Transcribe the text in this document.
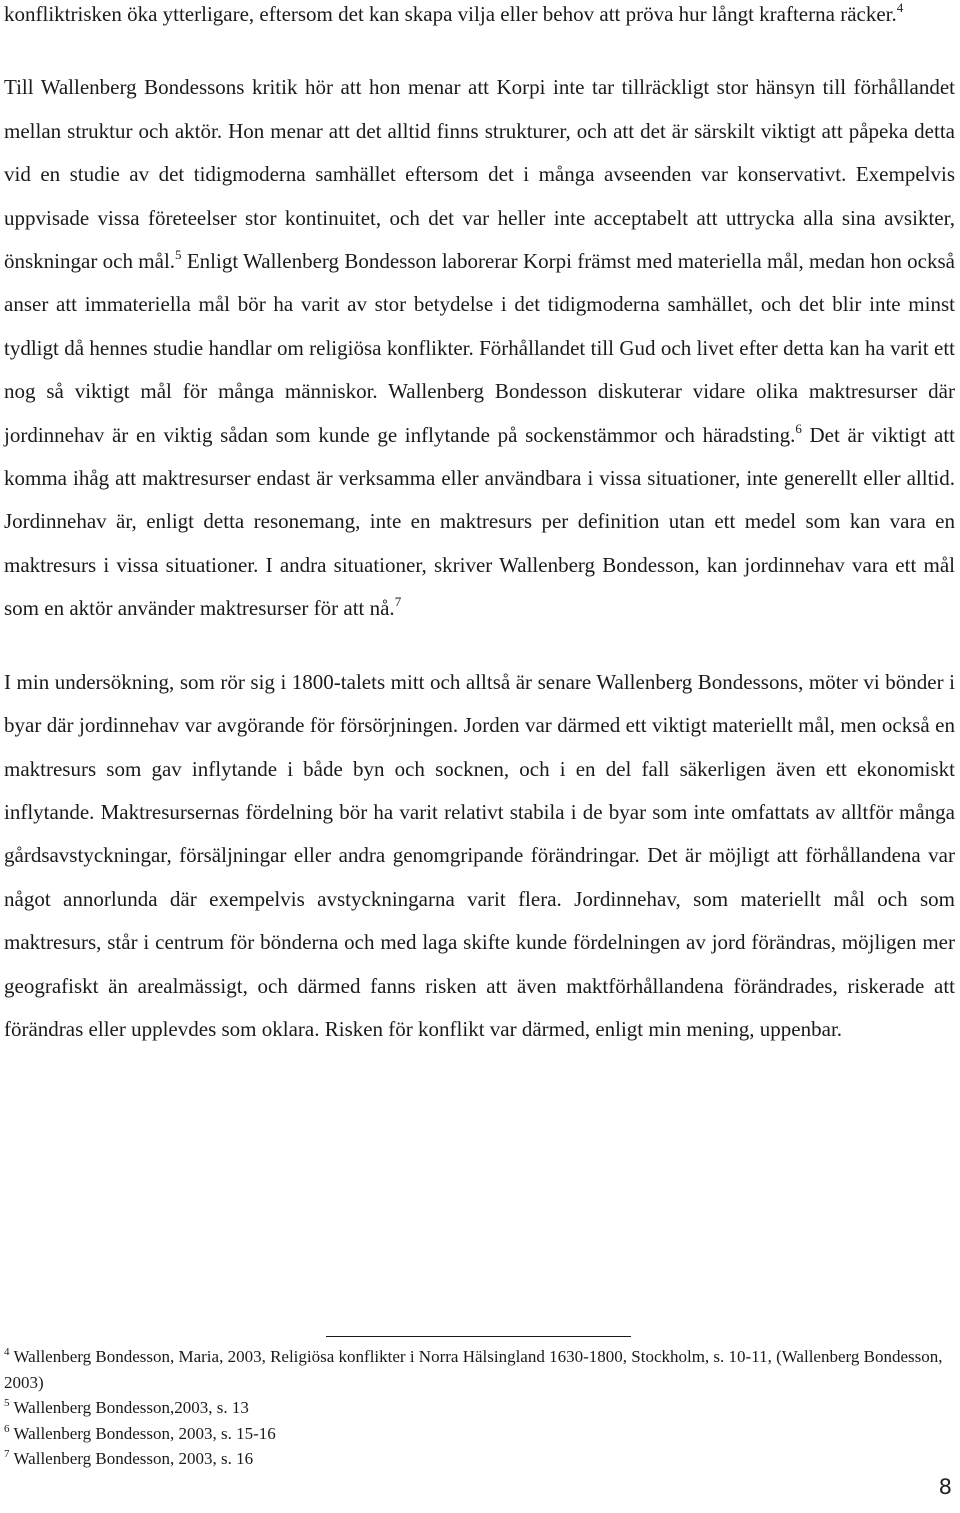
konfliktrisken öka ytterligare, eftersom det kan skapa vilja eller behov att pröva hur långt krafterna räcker.$^4$

Till Wallenberg Bondessons kritik hör att hon menar att Korpi inte tar tillräckligt stor hänsyn till förhållandet mellan struktur och aktör. Hon menar att det alltid finns strukturer, och att det är särskilt viktigt att påpeka detta vid en studie av det tidigmoderna samhället eftersom det i många avseenden var konservativt. Exempelvis uppvisade vissa företeelser stor kontinuitet, och det var heller inte acceptabelt att uttrycka alla sina avsikter, önskningar och mål.$^5$ Enligt Wallenberg Bondesson laborerar Korpi främst med materiella mål, medan hon också anser att immateriella mål bör ha varit av stor betydelse i det tidigmoderna samhället, och det blir inte minst tydligt då hennes studie handlar om religiösa konflikter. Förhållandet till Gud och livet efter detta kan ha varit ett nog så viktigt mål för många människor. Wallenberg Bondesson diskuterar vidare olika maktresurser där jordinnehav är en viktig sådan som kunde ge inflytande på sockenstämmor och häradsting.$^6$ Det är viktigt att komma ihåg att maktresurser endast är verksamma eller användbara i vissa situationer, inte generellt eller alltid. Jordinnehav är, enligt detta resonemang, inte en maktresurs per definition utan ett medel som kan vara en maktresurs i vissa situationer. I andra situationer, skriver Wallenberg Bondesson, kan jordinnehav vara ett mål som en aktör använder maktresurser för att nå.$^7$

I min undersökning, som rör sig i 1800-talets mitt och alltså är senare Wallenberg Bondessons, möter vi bönder i byar där jordinnehav var avgörande för försörjningen. Jorden var därmed ett viktigt materiellt mål, men också en maktresurs som gav inflytande i både byn och socknen, och i en del fall säkerligen även ett ekonomiskt inflytande. Maktresursernas fördelning bör ha varit relativt stabila i de byar som inte omfattats av alltför många gårdsavstyckningar, försäljningar eller andra genomgripande förändringar. Det är möjligt att förhållandena var något annorlunda där exempelvis avstyckningarna varit flera. Jordinnehav, som materiellt mål och som maktresurs, står i centrum för bönderna och med laga skifte kunde fördelningen av jord förändras, möjligen mer geografiskt än arealmässigt, och därmed fanns risken att även maktförhållandena förändrades, riskerade att förändras eller upplevdes som oklara. Risken för konflikt var därmed, enligt min mening, uppenbar.

$^4$ Wallenberg Bondesson, Maria, 2003, Religiösa konflikter i Norra Hälsingland 1630-1800, Stockholm, s. 10-11, (Wallenberg Bondesson, 2003)

$^5$ Wallenberg Bondesson,2003, s. 13

$^6$ Wallenberg Bondesson, 2003, s. 15-16

$^7$ Wallenberg Bondesson, 2003, s. 16

8
